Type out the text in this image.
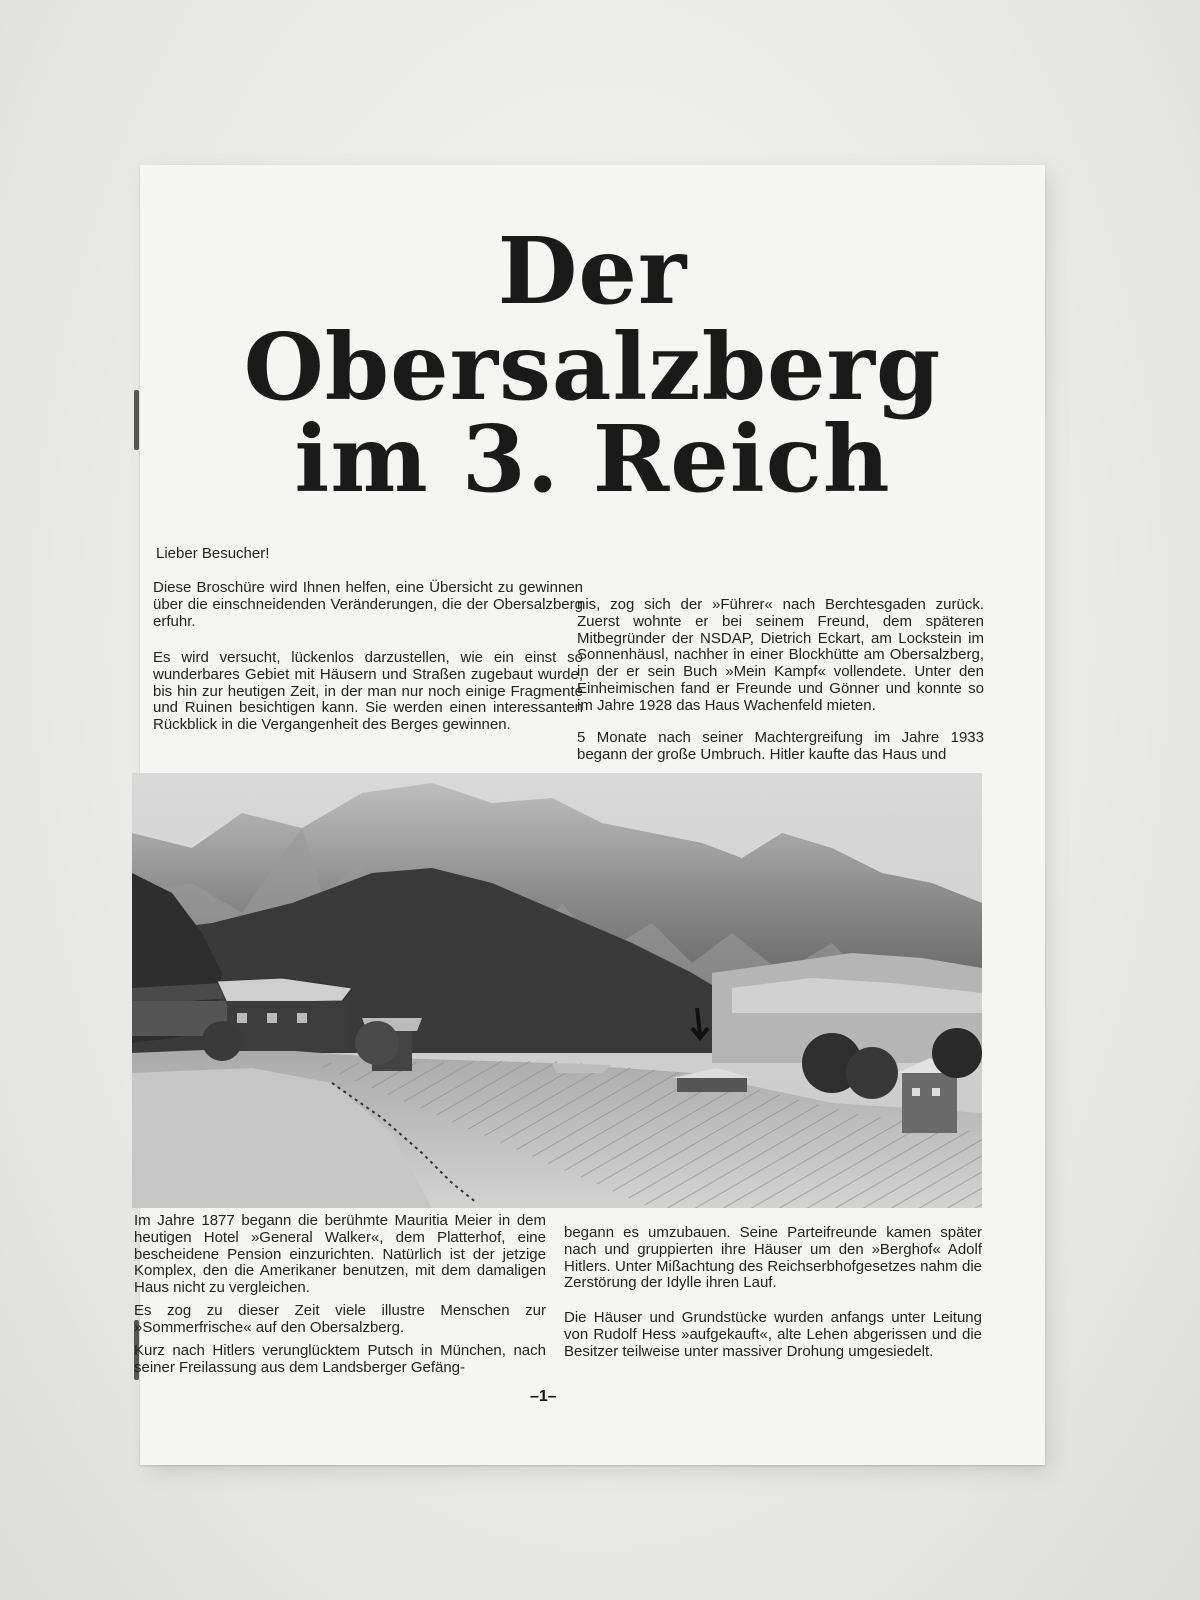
Der
Obersalzberg
im 3. Reich
Lieber Besucher!

Diese Broschüre wird Ihnen helfen, eine Übersicht zu gewinnen über die einschneidenden Veränderungen, die der Obersalzberg erfuhr.

Es wird versucht, lückenlos darzustellen, wie ein einst so wunderbares Gebiet mit Häusern und Straßen zugebaut wurde, bis hin zur heutigen Zeit, in der man nur noch einige Fragmente und Ruinen besichtigen kann. Sie werden einen interessanten Rückblick in die Vergangenheit des Berges gewinnen.

nis, zog sich der »Führer« nach Berchtesgaden zurück. Zuerst wohnte er bei seinem Freund, dem späteren Mitbegründer der NSDAP, Dietrich Eckart, am Lockstein im Sonnenhäusl, nachher in einer Blockhütte am Obersalzberg, in der er sein Buch »Mein Kampf« vollendete. Unter den Einheimischen fand er Freunde und Gönner und konnte so im Jahre 1928 das Haus Wachenfeld mieten.

5 Monate nach seiner Machtergreifung im Jahre 1933 begann der große Umbruch. Hitler kaufte das Haus und

Im Jahre 1877 begann die berühmte Mauritia Meier in dem heutigen Hotel »General Walker«, dem Platterhof, eine bescheidene Pension einzurichten. Natürlich ist der jetzige Komplex, den die Amerikaner benutzen, mit dem damaligen Haus nicht zu vergleichen.

Es zog zu dieser Zeit viele illustre Menschen zur »Sommerfrische« auf den Obersalzberg.

Kurz nach Hitlers verunglücktem Putsch in München, nach seiner Freilassung aus dem Landsberger Gefäng-

begann es umzubauen. Seine Parteifreunde kamen später nach und gruppierten ihre Häuser um den »Berghof« Adolf Hitlers. Unter Mißachtung des Reichserbhofgesetzes nahm die Zerstörung der Idylle ihren Lauf.

Die Häuser und Grundstücke wurden anfangs unter Leitung von Rudolf Hess »aufgekauft«, alte Lehen abgerissen und die Besitzer teilweise unter massiver Drohung umgesiedelt.

–1–
